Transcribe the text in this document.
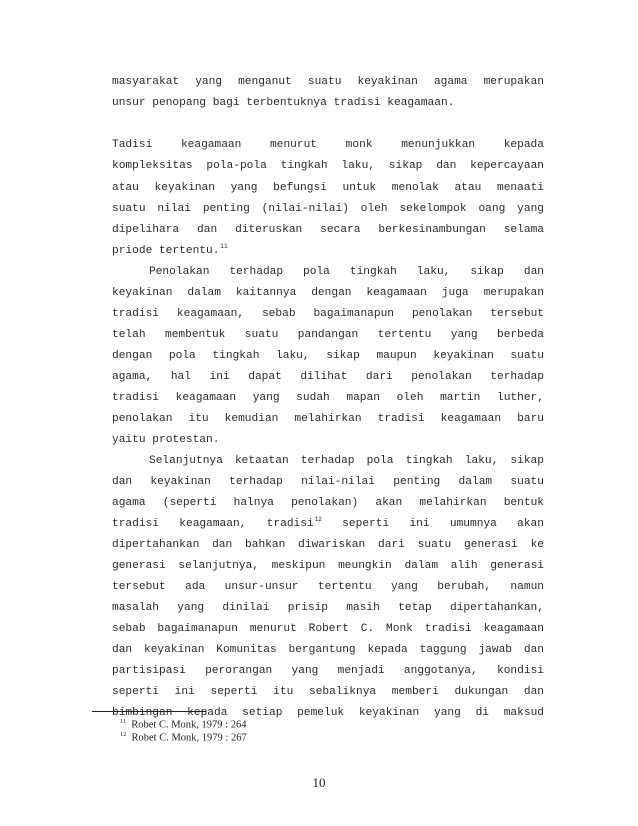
masyarakat yang menganut suatu keyakinan agama merupakan
unsur penopang bagi terbentuknya tradisi keagamaan.
Tadisi keagamaan menurut monk menunjukkan kepada
kompleksitas pola-pola tingkah laku, sikap dan kepercayaan
atau keyakinan yang befungsi untuk menolak atau menaati
suatu nilai penting (nilai-nilai) oleh sekelompok oang yang
dipelihara dan diteruskan secara berkesinambungan selama
priode tertentu.$^{11}$
Penolakan terhadap pola tingkah laku, sikap dan
keyakinan dalam kaitannya dengan keagamaan juga merupakan
tradisi keagamaan, sebab bagaimanapun penolakan tersebut
telah membentuk suatu pandangan tertentu yang berbeda
dengan pola tingkah laku, sikap maupun keyakinan suatu
agama, hal ini dapat dilihat dari penolakan terhadap
tradisi keagamaan yang sudah mapan oleh martin luther,
penolakan itu kemudian melahirkan tradisi keagamaan baru
yaitu protestan.
Selanjutnya ketaatan terhadap pola tingkah laku, sikap
dan keyakinan terhadap nilai-nilai penting dalam suatu
agama (seperti halnya penolakan) akan melahirkan bentuk
tradisi keagamaan, tradisi$^{12}$ seperti ini umumnya akan
dipertahankan dan bahkan diwariskan dari suatu generasi ke
generasi selanjutnya, meskipun meungkin dalam alih generasi
tersebut ada unsur-unsur tertentu yang berubah, namun
masalah yang dinilai prisip masih tetap dipertahankan,
sebab bagaimanapun menurut Robert C. Monk tradisi keagamaan
dan keyakinan Komunitas bergantung kepada taggung jawab dan
partisipasi perorangan yang menjadi anggotanya, kondisi
seperti ini seperti itu sebaliknya memberi dukungan dan
bimbingan kepada setiap pemeluk keyakinan yang di maksud
$^{11}$ Robet C. Monk, 1979 : 264
$^{12}$ Robet C. Monk, 1979 : 267
10
